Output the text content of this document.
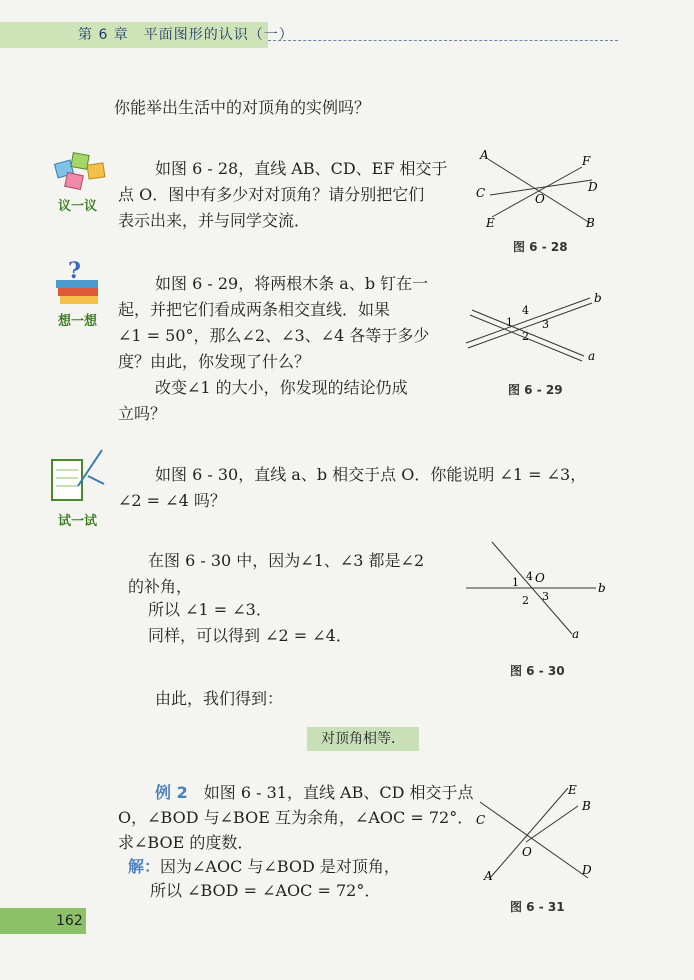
第 6 章　平面图形的认识（一）
你能举出生活中的对顶角的实例吗？
议一议
如图 6 - 28，直线 AB、CD、EF 相交于
点 O．图中有多少对对顶角？请分别把它们
表示出来，并与同学交流．
A	F
C	D
O
E	B
图 6 - 28
?
想一想
如图 6 - 29，将两根木条 a、b 钉在一
起，并把它们看成两条相交直线．如果
∠1 = 50°，那么∠2、∠3、∠4 各等于多少
度？由此，你发现了什么？
改变∠1 的大小，你发现的结论仍成
立吗？
4
1	3
2
b
a
图 6 - 29
试一试
如图 6 - 30，直线 a、b 相交于点 O．你能说明 ∠1 = ∠3，
∠2 = ∠4 吗？
在图 6 - 30 中，因为∠1、∠3 都是∠2
的补角，
所以 ∠1 = ∠3．
同样，可以得到 ∠2 = ∠4．
4 O
1
2 3
b
a
图 6 - 30
由此，我们得到：
对顶角相等．
例 2　 如图 6 - 31，直线 AB、CD 相交于点
O，∠BOD 与∠BOE 互为余角，∠AOC = 72°．
求∠BOE 的度数．
解：因为∠AOC 与∠BOD 是对顶角，
所以 ∠BOD = ∠AOC = 72°．
E
B
C
O
A	D
图 6 - 31
162
